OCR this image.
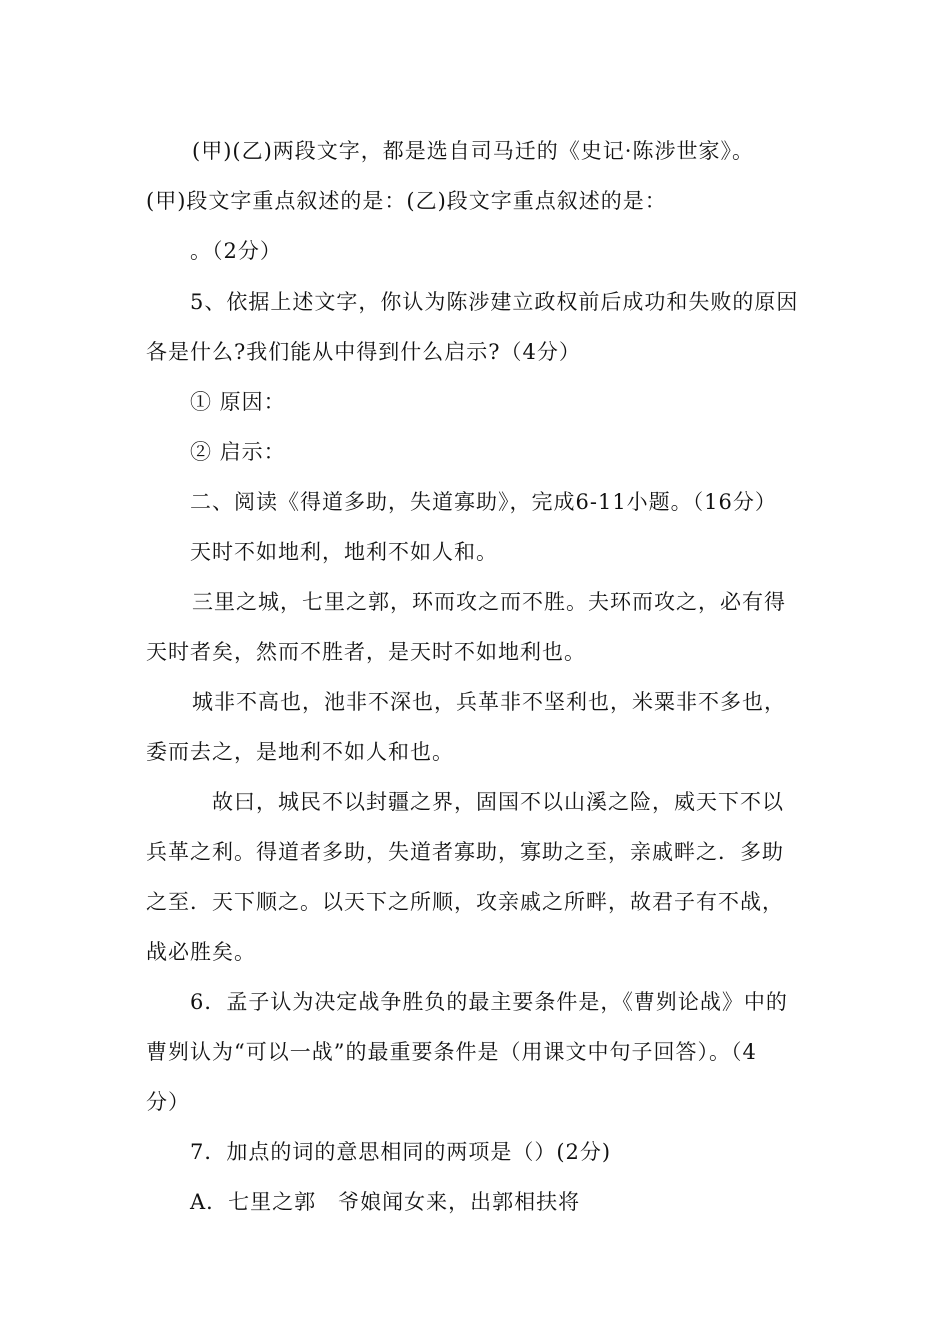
(甲)(乙)两段文字，都是选自司马迁的《史记·陈涉世家》。
(甲)段文字重点叙述的是：(乙)段文字重点叙述的是：
。（2分）
5、依据上述文字，你认为陈涉建立政权前后成功和失败的原因
各是什么?我们能从中得到什么启示?（4分）
① 原因：
② 启示：
二、阅读《得道多助，失道寡助》，完成6-11小题。（16分）
天时不如地利，地利不如人和。
三里之城，七里之郭，环而攻之而不胜。夫环而攻之，必有得
天时者矣，然而不胜者，是天时不如地利也。
城非不高也，池非不深也，兵革非不坚利也，米粟非不多也，
委而去之，是地利不如人和也。
故曰，城民不以封疆之界，固国不以山溪之险，威天下不以
兵革之利。得道者多助，失道者寡助，寡助之至，亲戚畔之．多助
之至．天下顺之。以天下之所顺，攻亲戚之所畔，故君子有不战，
战必胜矣。
6．孟子认为决定战争胜负的最主要条件是，《曹刿论战》中的
曹刿认为“可以一战”的最重要条件是（用课文中句子回答）。（4
分）
7．加点的词的意思相同的两项是（）(2分)
A．七里之郭　爷娘闻女来，出郭相扶将
